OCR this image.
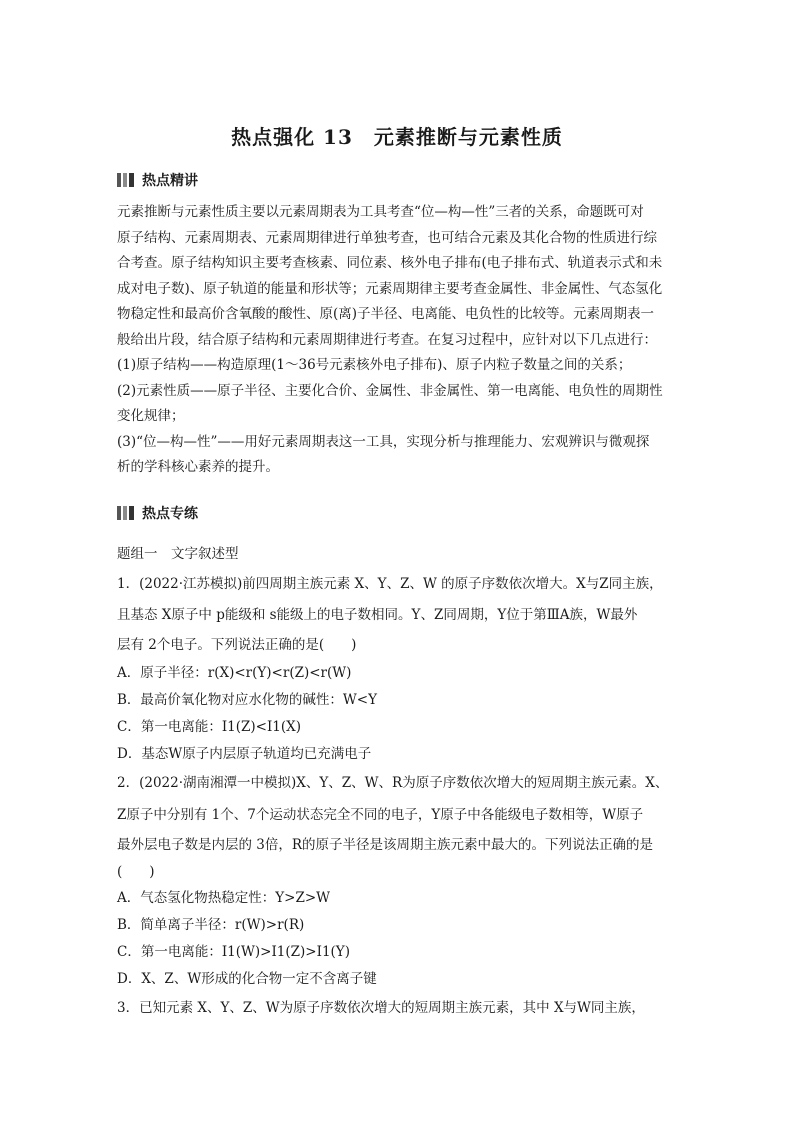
热点强化 13　元素推断与元素性质
热点精讲
元素推断与元素性质主要以元素周期表为工具考查“位—构—性”三者的关系，命题既可对
原子结构、元素周期表、元素周期律进行单独考查，也可结合元素及其化合物的性质进行综
合考查。原子结构知识主要考查核素、同位素、核外电子排布(电子排布式、轨道表示式和未
成对电子数)、原子轨道的能量和形状等；元素周期律主要考查金属性、非金属性、气态氢化
物稳定性和最高价含氧酸的酸性、原(离)子半径、电离能、电负性的比较等。元素周期表一
般给出片段，结合原子结构和元素周期律进行考查。在复习过程中，应针对以下几点进行：
(1)原子结构——构造原理(1～36号元素核外电子排布)、原子内粒子数量之间的关系；
(2)元素性质——原子半径、主要化合价、金属性、非金属性、第一电离能、电负性的周期性
变化规律；
(3)“位—构—性”——用好元素周期表这一工具，实现分析与推理能力、宏观辨识与微观探
析的学科核心素养的提升。
热点专练
题组一　文字叙述型
1．(2022·江苏模拟)前四周期主族元素 X、Y、Z、W 的原子序数依次增大。X与Z同主族，
且基态 X原子中 p能级和 s能级上的电子数相同。Y、Z同周期，Y位于第ⅢA族，W最外
层有 2个电子。下列说法正确的是(　　)
A．原子半径：r(X)<r(Y)<r(Z)<r(W)
B．最高价氧化物对应水化物的碱性：W<Y
C．第一电离能：I1(Z)<I1(X)
D．基态W原子内层原子轨道均已充满电子
2．(2022·湖南湘潭一中模拟)X、Y、Z、W、R为原子序数依次增大的短周期主族元素。X、
Z原子中分别有 1个、7个运动状态完全不同的电子，Y原子中各能级电子数相等，W原子
最外层电子数是内层的 3倍，R的原子半径是该周期主族元素中最大的。下列说法正确的是
(　　)
A．气态氢化物热稳定性：Y>Z>W
B．简单离子半径：r(W)>r(R)
C．第一电离能：I1(W)>I1(Z)>I1(Y)
D．X、Z、W形成的化合物一定不含离子键
3．已知元素 X、Y、Z、W为原子序数依次增大的短周期主族元素，其中 X与W同主族，
